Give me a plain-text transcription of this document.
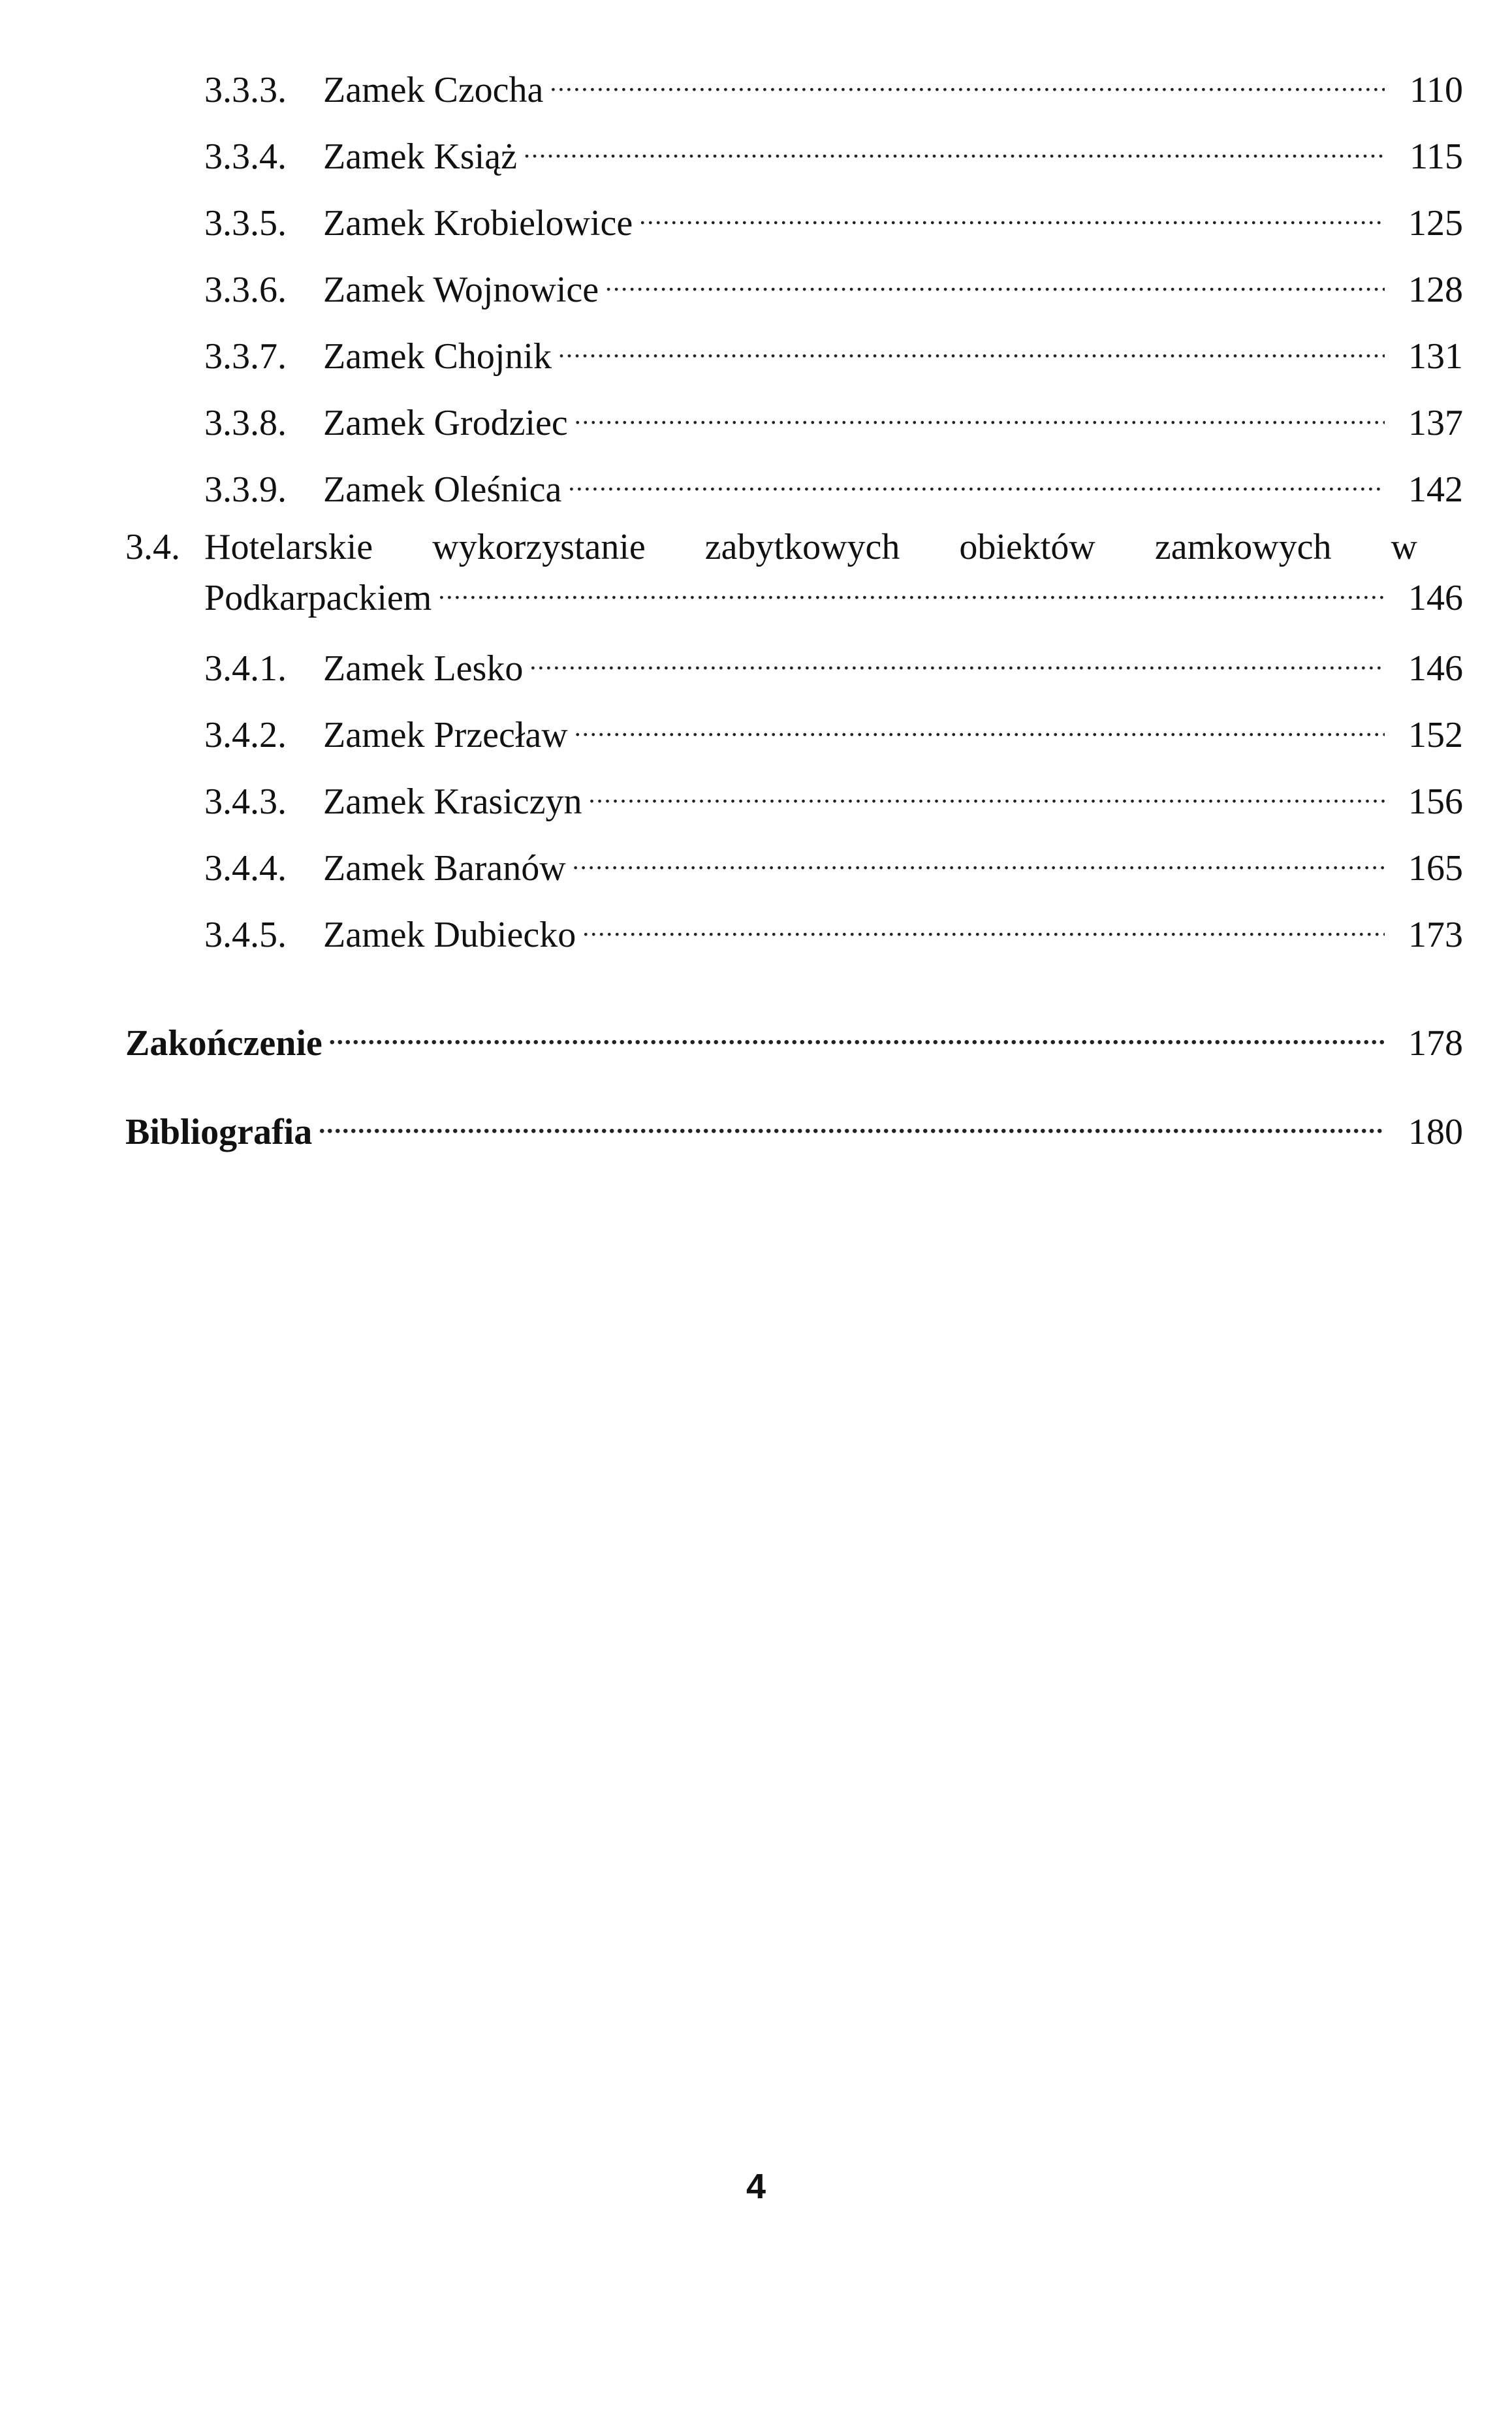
3.3.3.	Zamek Czocha .....	110
3.3.4.	Zamek Książ .....	115
3.3.5.	Zamek Krobielowice .....	125
3.3.6.	Zamek Wojnowice .....	128
3.3.7.	Zamek Chojnik .....	131
3.3.8.	Zamek Grodziec .....	137
3.3.9.	Zamek Oleśnica .....	142
3.4. Hotelarskie wykorzystanie zabytkowych obiektów zamkowych w
Podkarpackiem .....	146
3.4.1.	Zamek Lesko .....	146
3.4.2.	Zamek Przecław .....	152
3.4.3.	Zamek Krasiczyn .....	156
3.4.4.	Zamek Baranów .....	165
3.4.5.	Zamek Dubiecko .....	173
Zakończenie .....	178
Bibliografia .....	180
4
